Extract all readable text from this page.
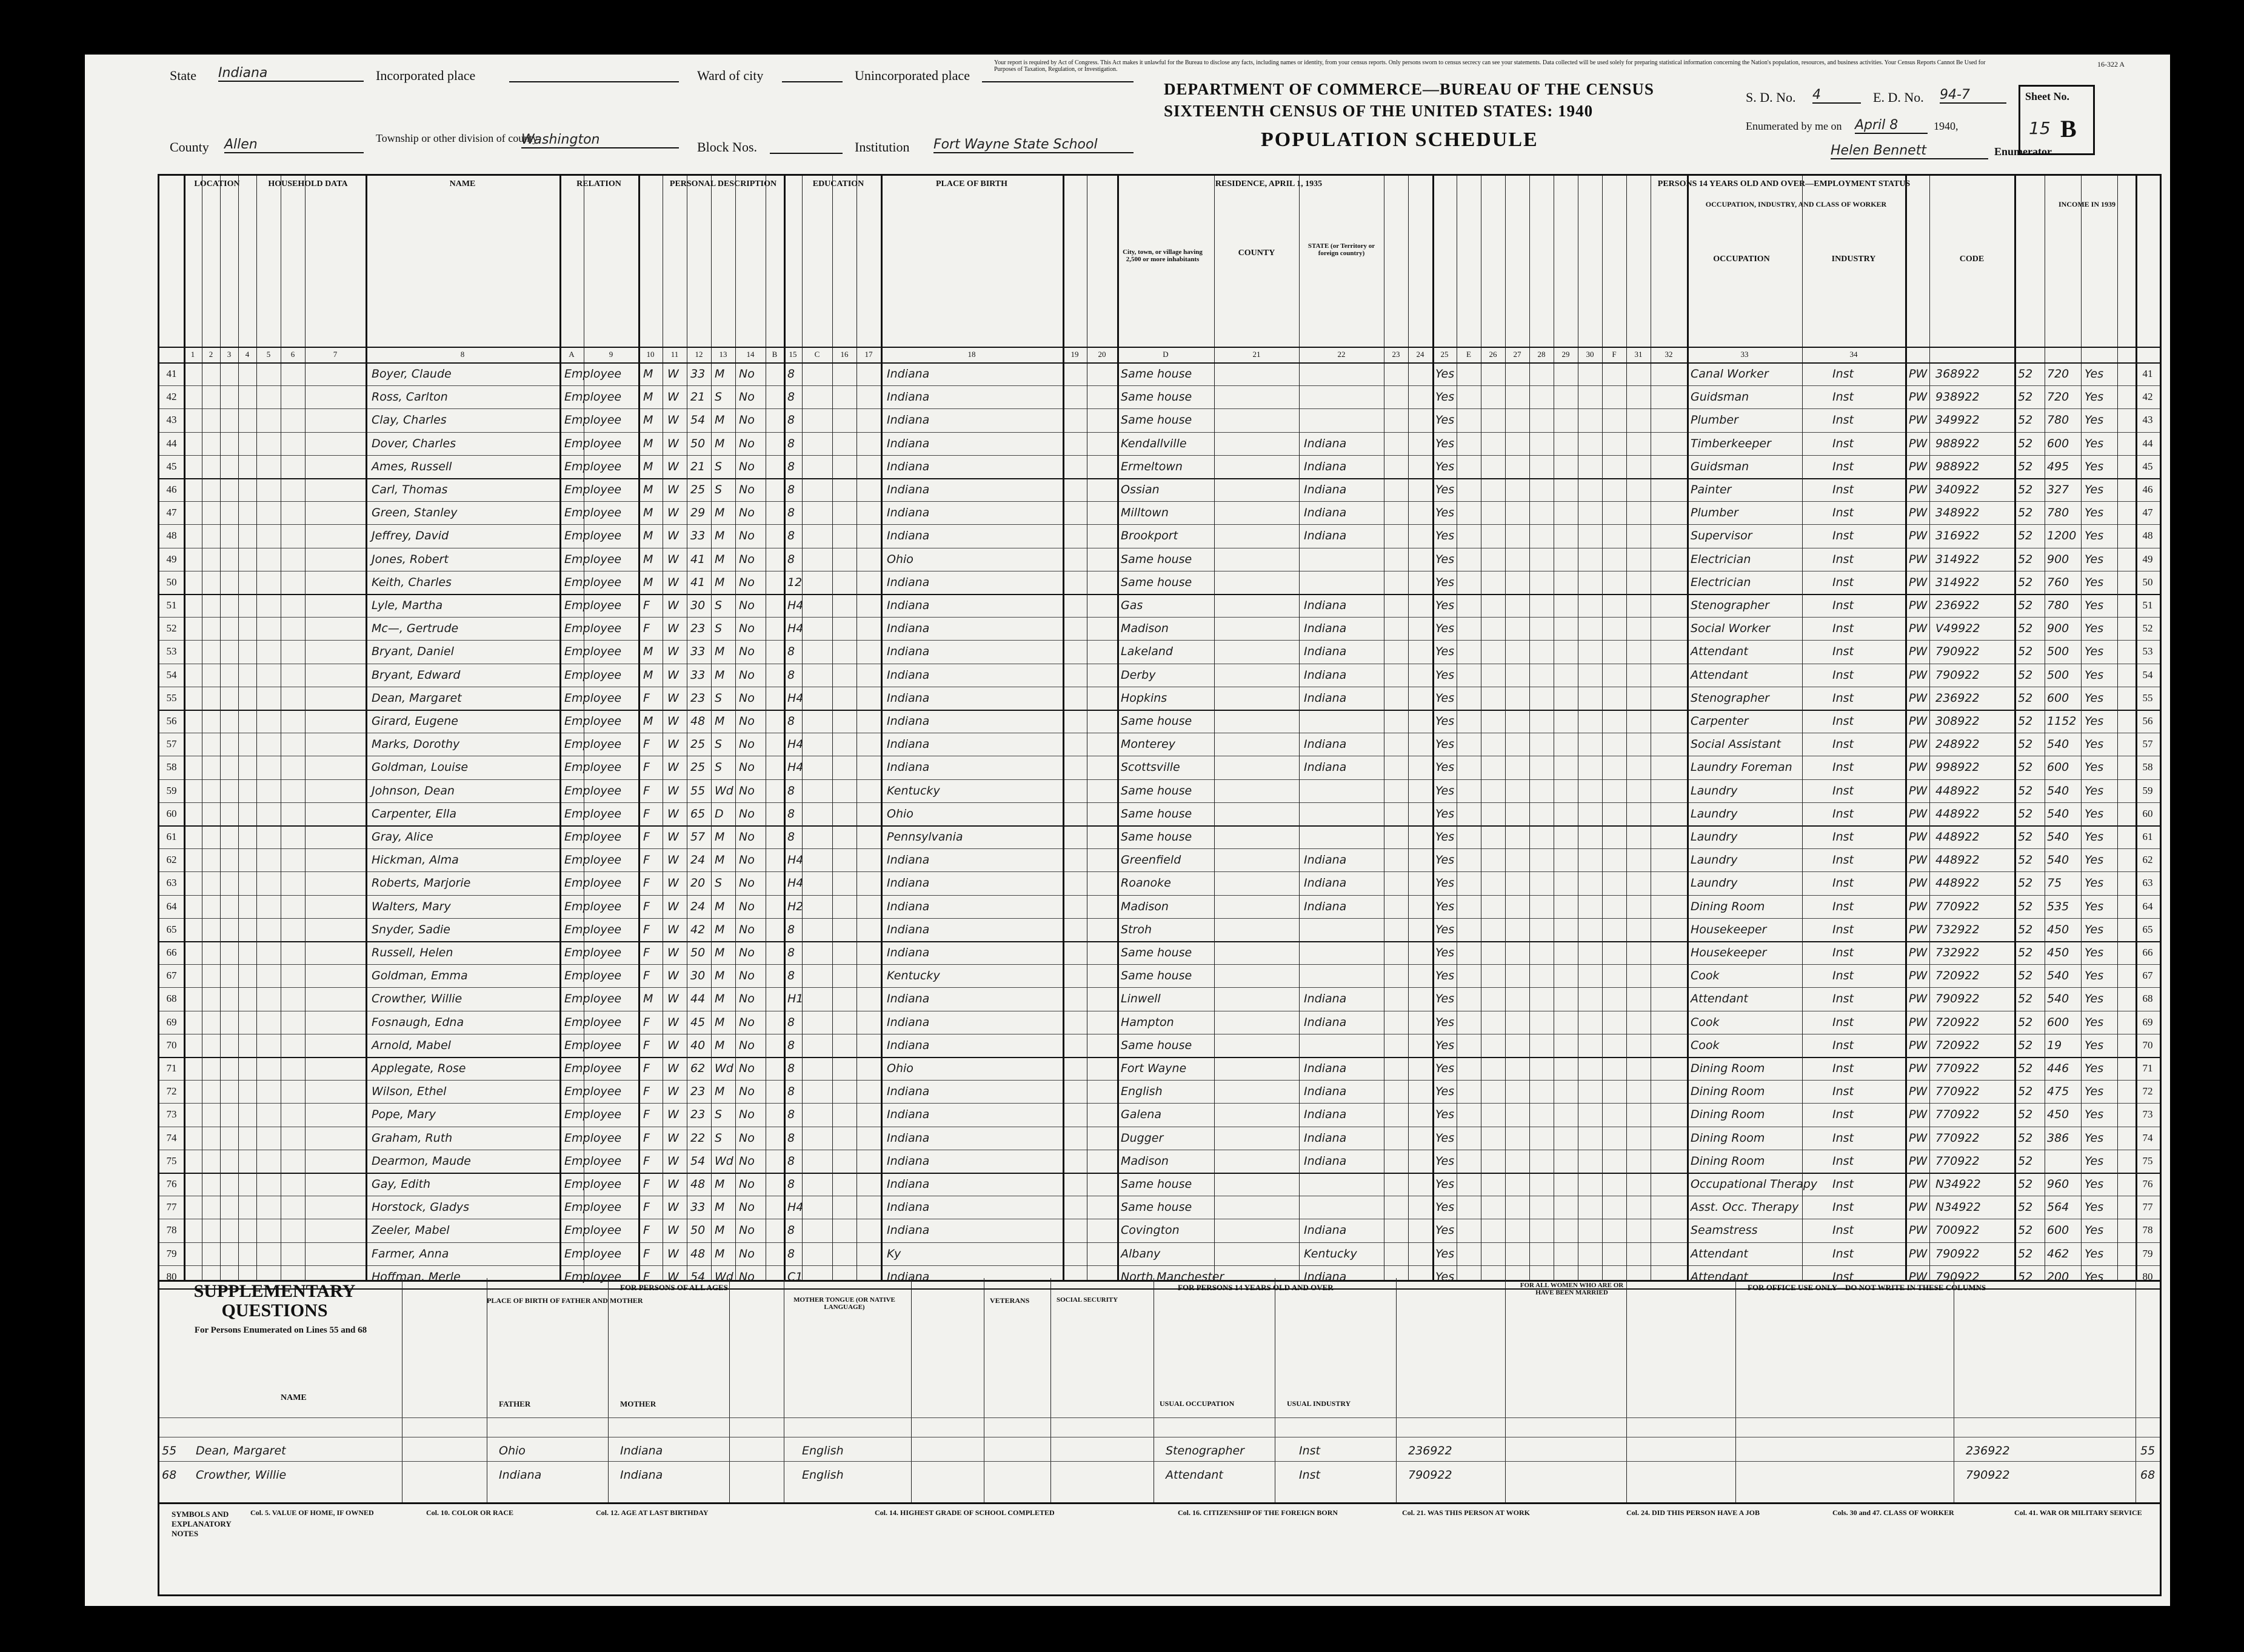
Your report is required by Act of Congress. This Act makes it unlawful for the Bureau to disclose any facts, including names or identity, from your census reports. Only persons sworn to census secrecy can see your statements. Data collected will be used solely for preparing statistical information concerning the Nation's population, resources, and business activities. Your Census Reports Cannot Be Used for Purposes of Taxation, Regulation, or Investigation.
16-322 A
DEPARTMENT OF COMMERCE—BUREAU OF THE CENSUS
SIXTEENTH CENSUS OF THE UNITED STATES: 1940
POPULATION SCHEDULE
State Indiana
County Allen
Incorporated place
Township or other division of county
Washington
Ward of city
Block Nos.
Unincorporated place
Institution Fort Wayne State School
S. D. No. 4	E. D. No. 94-7	Sheet No.
15 B
Enumerated by me on April 8	1940,
Helen Bennett	Enumerator.
LOCATION	HOUSEHOLD DATA	NAME	RELATION	PERSONAL DESCRIPTION	EDUCATION	PLACE OF BIRTH	RESIDENCE, APRIL 1, 1935	PERSONS 14 YEARS OLD AND OVER—EMPLOYMENT STATUS
OCCUPATION, INDUSTRY, AND CLASS OF WORKER	INCOME IN 1939
City, town, or village having 2,500 or more inhabitants
COUNTY
STATE (or Territory or foreign country)
OCCUPATION	INDUSTRY	CODE
1	2	3	4	5	6	7	8	A	9	10	11	12	13	14	B	15	C	16	17	18	19	20	D	21	22	23	24	25	E	26	27	28	29	30	F	31	32	33	34
41	41
Boyer, Claude	Employee	M W 33 M No	8	Indiana	Same house	Yes	Canal Worker	Inst	PW 368922	52 720 Yes
42	42
Ross, Carlton	Employee	M W 21 S No	8	Indiana	Same house	Yes	Guidsman	Inst	PW 938922	52 720 Yes
43	43
Clay, Charles	Employee	M W 54 M No	8	Indiana	Same house	Yes	Plumber	Inst	PW 349922	52 780 Yes
44	44
Dover, Charles	Employee	M W 50 M No	8	Indiana	Kendallville	Indiana	Yes	Timberkeeper	Inst	PW 988922	52 600 Yes
45	45
Ames, Russell	Employee	M W 21 S No	8	Indiana	Ermeltown	Indiana	Yes	Guidsman	Inst	PW 988922	52 495 Yes
46	46
Carl, Thomas	Employee	M W 25 S No	8	Indiana	Ossian	Indiana	Yes	Painter	Inst	PW 340922	52 327 Yes
47	47
Green, Stanley	Employee	M W 29 M No	8	Indiana	Milltown	Indiana	Yes	Plumber	Inst	PW 348922	52 780 Yes
48	48
Jeffrey, David	Employee	M W 33 M No	8	Indiana	Brookport	Indiana	Yes	Supervisor	Inst	PW 316922	52 1200 Yes
49	49
Jones, Robert	Employee	M W 41 M No	8	Ohio	Same house	Yes	Electrician	Inst	PW 314922	52 900 Yes
50	50
Keith, Charles	Employee	M W 41 M No	12	Indiana	Same house	Yes	Electrician	Inst	PW 314922	52 760 Yes
51	51
Lyle, Martha	Employee	F W 30 S No	H4	Indiana	Gas	Indiana	Yes	Stenographer	Inst	PW 236922	52 780 Yes
52	52
Mc—, Gertrude	Employee	F W 23 S No	H4	Indiana	Madison	Indiana	Yes	Social Worker	Inst	PW V49922	52 900 Yes
53	53
Bryant, Daniel	Employee	M W 33 M No	8	Indiana	Lakeland	Indiana	Yes	Attendant	Inst	PW 790922	52 500 Yes
54	54
Bryant, Edward	Employee	M W 33 M No	8	Indiana	Derby	Indiana	Yes	Attendant	Inst	PW 790922	52 500 Yes
55	55
Dean, Margaret	Employee	F W 23 S No	H4	Indiana	Hopkins	Indiana	Yes	Stenographer	Inst	PW 236922	52 600 Yes
56	56
Girard, Eugene	Employee	M W 48 M No	8	Indiana	Same house	Yes	Carpenter	Inst	PW 308922	52 1152 Yes
57	57
Marks, Dorothy	Employee	F W 25 S No	H4	Indiana	Monterey	Indiana	Yes	Social Assistant	Inst	PW 248922	52 540 Yes
58	58
Goldman, Louise	Employee	F W 25 S No	H4	Indiana	Scottsville	Indiana	Yes	Laundry Foreman	Inst	PW 998922	52 600 Yes
59	59
Johnson, Dean	Employee	F W 55 Wd No	8	Kentucky	Same house	Yes	Laundry	Inst	PW 448922	52 540 Yes
60	60
Carpenter, Ella	Employee	F W 65 D No	8	Ohio	Same house	Yes	Laundry	Inst	PW 448922	52 540 Yes
61	61
Gray, Alice	Employee	F W 57 M No	8	Pennsylvania	Same house	Yes	Laundry	Inst	PW 448922	52 540 Yes
62	62
Hickman, Alma	Employee	F W 24 M No	H4	Indiana	Greenfield	Indiana	Yes	Laundry	Inst	PW 448922	52 540 Yes
63	63
Roberts, Marjorie	Employee	F W 20 S No	H4	Indiana	Roanoke	Indiana	Yes	Laundry	Inst	PW 448922	52 75 Yes
64	64
Walters, Mary	Employee	F W 24 M No	H2	Indiana	Madison	Indiana	Yes	Dining Room	Inst	PW 770922	52 535 Yes
65	65
Snyder, Sadie	Employee	F W 42 M No	8	Indiana	Stroh	Yes	Housekeeper	Inst	PW 732922	52 450 Yes
66	66
Russell, Helen	Employee	F W 50 M No	8	Indiana	Same house	Yes	Housekeeper	Inst	PW 732922	52 450 Yes
67	67
Goldman, Emma	Employee	F W 30 M No	8	Kentucky	Same house	Yes	Cook	Inst	PW 720922	52 540 Yes
68	68
Crowther, Willie	Employee	M W 44 M No	H1	Indiana	Linwell	Indiana	Yes	Attendant	Inst	PW 790922	52 540 Yes
69	69
Fosnaugh, Edna	Employee	F W 45 M No	8	Indiana	Hampton	Indiana	Yes	Cook	Inst	PW 720922	52 600 Yes
70	70
Arnold, Mabel	Employee	F W 40 M No	8	Indiana	Same house	Yes	Cook	Inst	PW 720922	52 19 Yes
71	71
Applegate, Rose	Employee	F W 62 Wd No	8	Ohio	Fort Wayne	Indiana	Yes	Dining Room	Inst	PW 770922	52 446 Yes
72	72
Wilson, Ethel	Employee	F W 23 M No	8	Indiana	English	Indiana	Yes	Dining Room	Inst	PW 770922	52 475 Yes
73	73
Pope, Mary	Employee	F W 23 S No	8	Indiana	Galena	Indiana	Yes	Dining Room	Inst	PW 770922	52 450 Yes
74	74
Graham, Ruth	Employee	F W 22 S No	8	Indiana	Dugger	Indiana	Yes	Dining Room	Inst	PW 770922	52 386 Yes
75	75
Dearmon, Maude	Employee	F W 54 Wd No	8	Indiana	Madison	Indiana	Yes	Dining Room	Inst	PW 770922	52	Yes
76	76
Gay, Edith	Employee	F W 48 M No	8	Indiana	Same house	Yes	Occupational Therapy Inst	PW N34922	52 960 Yes
77	77
Horstock, Gladys	Employee	F W 33 M No	H4	Indiana	Same house	Yes	Asst. Occ. Therapy	Inst	PW N34922	52 564 Yes
78	78
Zeeler, Mabel	Employee	F W 50 M No	8	Indiana	Covington	Indiana	Yes	Seamstress	Inst	PW 700922	52 600 Yes
79	79
Farmer, Anna	Employee	F W 48 M No	8	Ky	Albany	Kentucky	Yes	Attendant	Inst	PW 790922	52 462 Yes
80	80
Hoffman, Merle	Employee	F W 54 Wd No	C1	Indiana	North Manchester	Indiana	Yes	Attendant	Inst	PW 790922	52 200 Yes
SUPPLEMENTARY QUESTIONS
For Persons Enumerated on Lines 55 and 68
NAME
FOR PERSONS OF ALL AGES
PLACE OF BIRTH OF FATHER AND MOTHER
FATHER	MOTHER
MOTHER TONGUE (OR NATIVE LANGUAGE)
VETERANS	SOCIAL SECURITY
FOR PERSONS 14 YEARS OLD AND OVER
USUAL OCCUPATION	USUAL INDUSTRY
FOR ALL WOMEN WHO ARE OR HAVE BEEN MARRIED
FOR OFFICE USE ONLY—DO NOT WRITE IN THESE COLUMNS
55 Dean, Margaret	Ohio	Indiana	English	Stenographer	Inst	236922	236922	55
68 Crowther, Willie	Indiana	Indiana	English	Attendant	Inst	790922	790922	68
SYMBOLS AND EXPLANATORY NOTES
Col. 5. VALUE OF HOME, IF OWNED	Col. 10. COLOR OR RACE	Col. 12. AGE AT LAST BIRTHDAY	Col. 14. HIGHEST GRADE OF SCHOOL COMPLETED	Col. 16. CITIZENSHIP OF THE FOREIGN BORN	Col. 21. WAS THIS PERSON AT WORK	Col. 24. DID THIS PERSON HAVE A JOB	Cols. 30 and 47. CLASS OF WORKER	Col. 41. WAR OR MILITARY SERVICE
